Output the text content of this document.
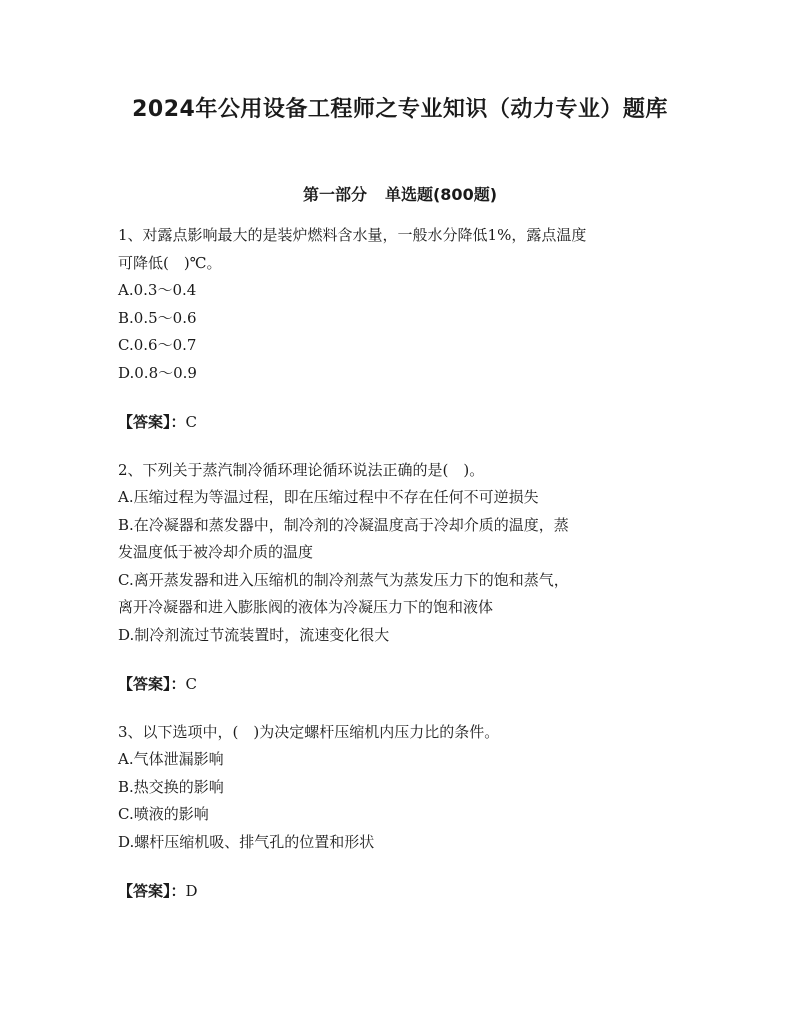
2024年公用设备工程师之专业知识（动力专业）题库
第一部分 单选题(800题)

1、对露点影响最大的是装炉燃料含水量，一般水分降低1%，露点温度

可降低(　)℃。

A.0.3～0.4

B.0.5～0.6

C.0.6～0.7

D.0.8～0.9

【答案】：C

2、下列关于蒸汽制冷循环理论循环说法正确的是(　)。

A.压缩过程为等温过程，即在压缩过程中不存在任何不可逆损失

B.在冷凝器和蒸发器中，制冷剂的冷凝温度高于冷却介质的温度，蒸

发温度低于被冷却介质的温度

C.离开蒸发器和进入压缩机的制冷剂蒸气为蒸发压力下的饱和蒸气，

离开冷凝器和进入膨胀阀的液体为冷凝压力下的饱和液体

D.制冷剂流过节流装置时，流速变化很大

【答案】：C

3、以下选项中，(　)为决定螺杆压缩机内压力比的条件。

A.气体泄漏影响

B.热交换的影响

C.喷液的影响

D.螺杆压缩机吸、排气孔的位置和形状

【答案】：D
